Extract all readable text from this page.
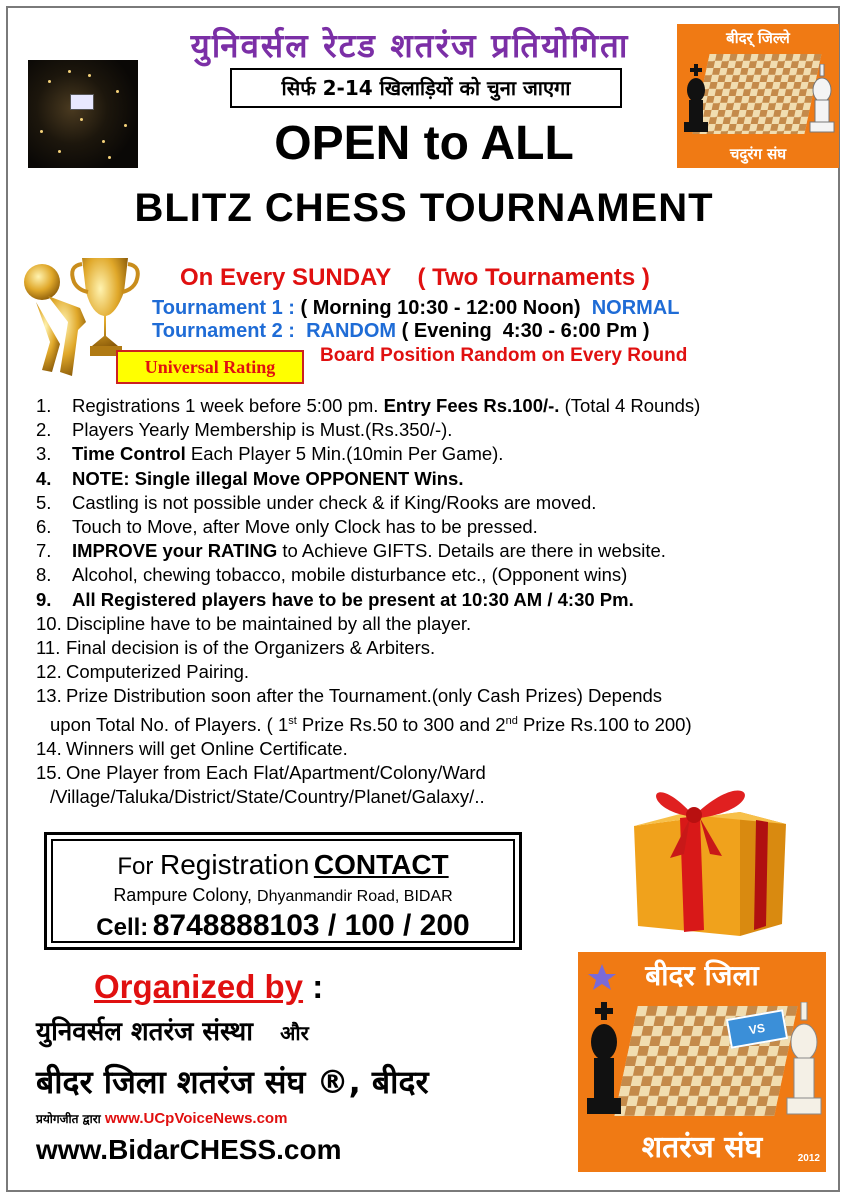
युनिवर्सल रेटड शतरंज प्रतियोगिता
सिर्फ 2-14 खिलाड़ियों को चुना जाएगा
बीदर् जिल्ले
चदुरंग संघ
OPEN to ALL
BLITZ CHESS TOURNAMENT
On Every SUNDAY ( Two Tournaments )
Tournament 1 : ( Morning 10:30 - 12:00 Noon) NORMAL
Tournament 2 : RANDOM ( Evening  4:30 - 6:00 Pm )
Board Position Random on Every Round
Universal Rating
1. Registrations 1 week before 5:00 pm. Entry Fees Rs.100/-. (Total 4 Rounds)
2. Players Yearly Membership is Must.(Rs.350/-).
3. Time Control Each Player 5 Min.(10min Per Game).
4. NOTE: Single illegal Move OPPONENT Wins.
5. Castling is not possible under check & if King/Rooks are moved.
6. Touch to Move, after Move only Clock has to be pressed.
7. IMPROVE your RATING to Achieve GIFTS. Details are there in website.
8. Alcohol, chewing tobacco, mobile disturbance etc., (Opponent wins)
9. All Registered players have to be present at 10:30 AM / 4:30 Pm.
10. Discipline have to be maintained by all the player.
11. Final decision is of the Organizers & Arbiters.
12. Computerized Pairing.
13. Prize Distribution soon after the Tournament.(only Cash Prizes) Depends
upon Total No. of Players. ( 1st Prize Rs.50 to 300 and 2nd Prize Rs.100 to 200)
14. Winners will get Online Certificate.
15. One Player from Each Flat/Apartment/Colony/Ward
/Village/Taluka/District/State/Country/Planet/Galaxy/..
For Registration CONTACT
Rampure Colony, Dhyanmandir Road, BIDAR
Cell: 8748888103 / 100 / 200
Organized by :
युनिवर्सल शतरंज संस्था और
बीदर जिला शतरंज संघ ®, बीदर
प्रयोगजीत द्वारा www.UCpVoiceNews.com
www.BidarCHESS.com
बीदर जिला
VS
शतरंज संघ	2012
